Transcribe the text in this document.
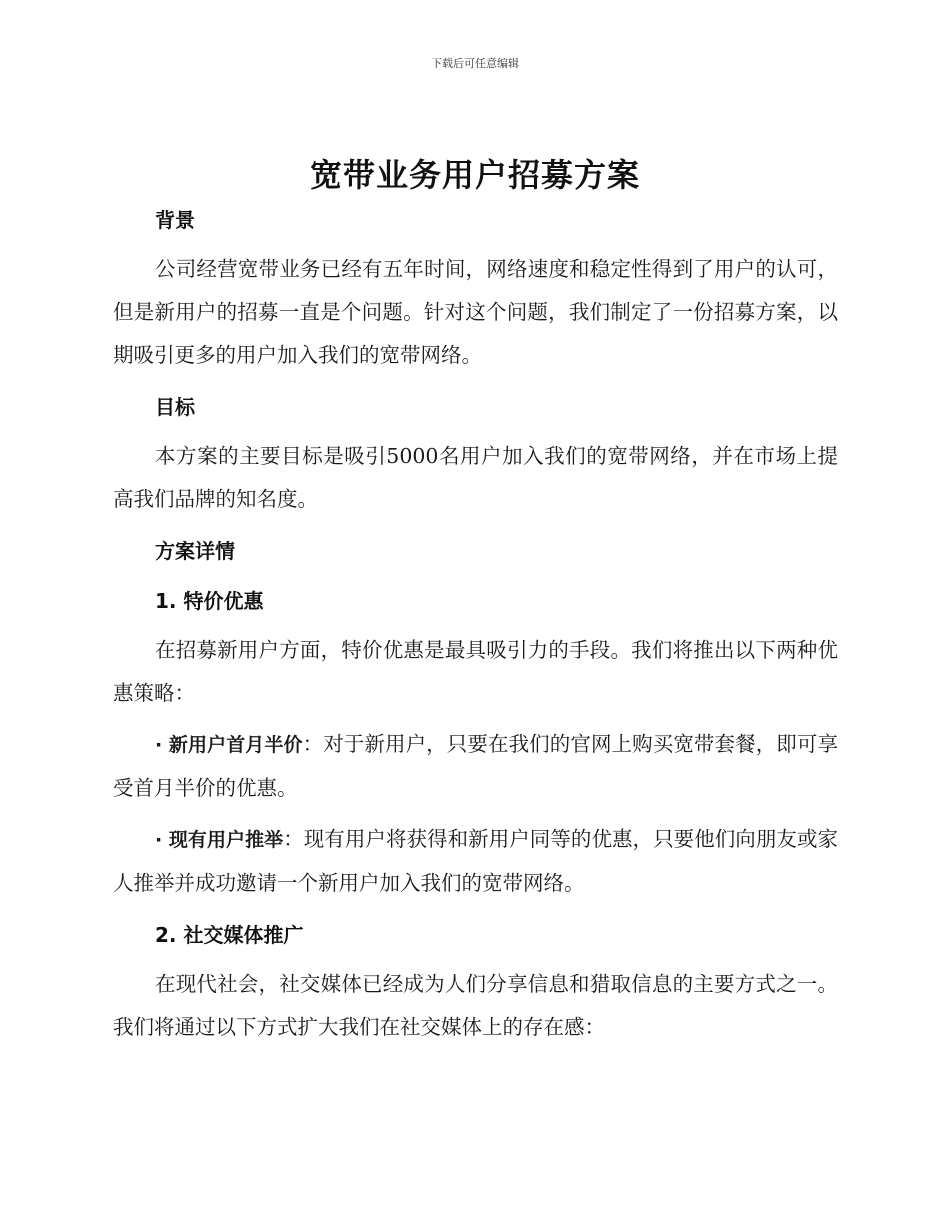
下载后可任意编辑
宽带业务用户招募方案
背景

公司经营宽带业务已经有五年时间，网络速度和稳定性得到了用户的认可，但是新用户的招募一直是个问题。针对这个问题，我们制定了一份招募方案，以期吸引更多的用户加入我们的宽带网络。

目标

本方案的主要目标是吸引5000名用户加入我们的宽带网络，并在市场上提高我们品牌的知名度。

方案详情
1. 特价优惠

在招募新用户方面，特价优惠是最具吸引力的手段。我们将推出以下两种优惠策略：

· 新用户首月半价：对于新用户，只要在我们的官网上购买宽带套餐，即可享受首月半价的优惠。

· 现有用户推举：现有用户将获得和新用户同等的优惠，只要他们向朋友或家人推举并成功邀请一个新用户加入我们的宽带网络。

2. 社交媒体推广

在现代社会，社交媒体已经成为人们分享信息和猎取信息的主要方式之一。我们将通过以下方式扩大我们在社交媒体上的存在感：
